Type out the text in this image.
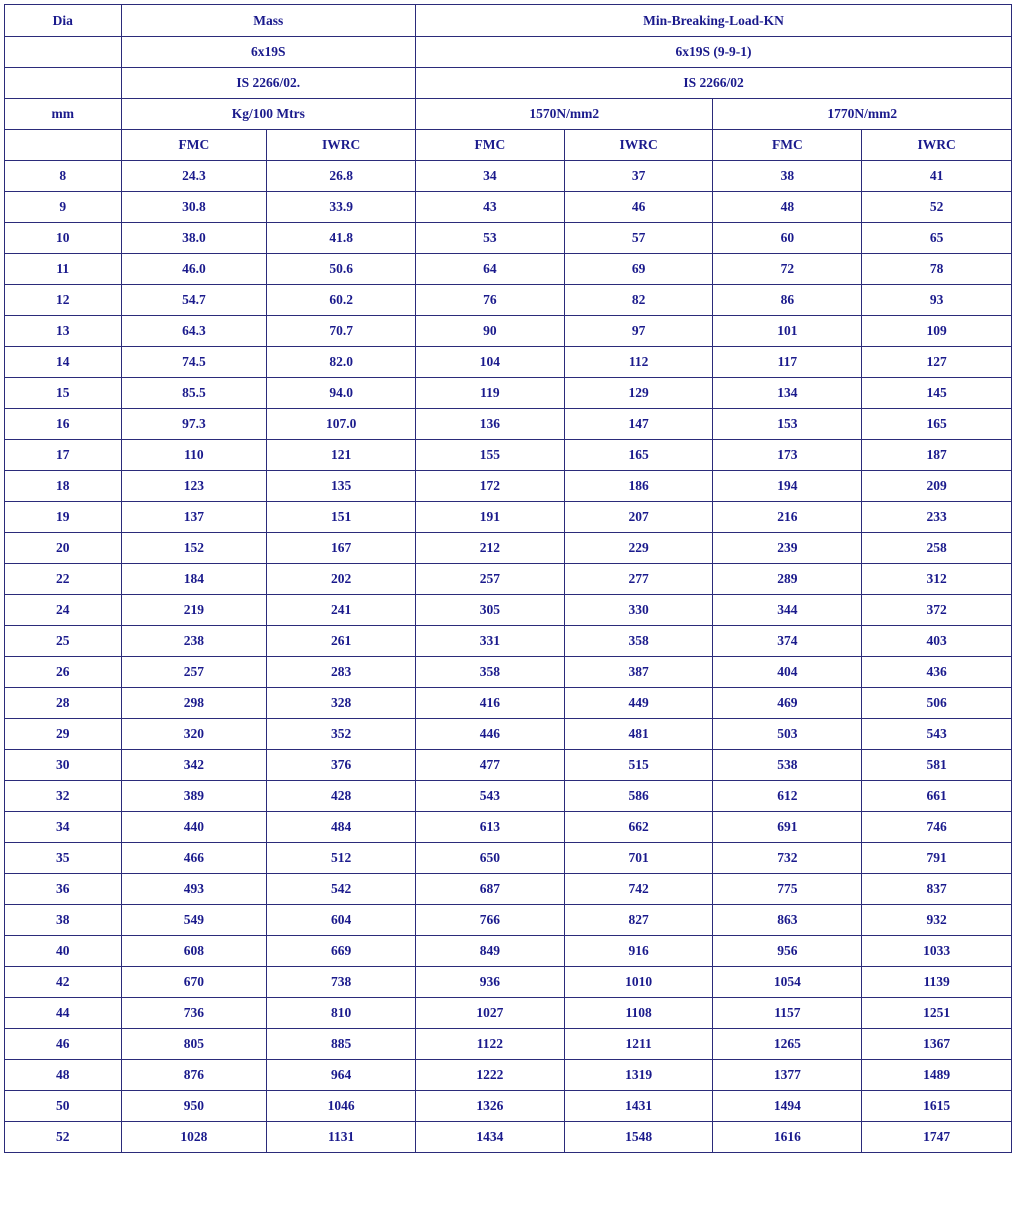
Dia	Mass		Min-Breaking-Load-KN			
	6x19S		6x19S (9-9-1)			
	IS 2266/02.		IS 2266/02			
mm	Kg/100 Mtrs		1570N/mm2		1770N/mm2	
	FMC	IWRC	FMC	IWRC	FMC	IWRC
8	24.3	26.8	34	37	38	41
9	30.8	33.9	43	46	48	52
10	38.0	41.8	53	57	60	65
11	46.0	50.6	64	69	72	78
12	54.7	60.2	76	82	86	93
13	64.3	70.7	90	97	101	109
14	74.5	82.0	104	112	117	127
15	85.5	94.0	119	129	134	145
16	97.3	107.0	136	147	153	165
17	110	121	155	165	173	187
18	123	135	172	186	194	209
19	137	151	191	207	216	233
20	152	167	212	229	239	258
22	184	202	257	277	289	312
24	219	241	305	330	344	372
25	238	261	331	358	374	403
26	257	283	358	387	404	436
28	298	328	416	449	469	506
29	320	352	446	481	503	543
30	342	376	477	515	538	581
32	389	428	543	586	612	661
34	440	484	613	662	691	746
35	466	512	650	701	732	791
36	493	542	687	742	775	837
38	549	604	766	827	863	932
40	608	669	849	916	956	1033
42	670	738	936	1010	1054	1139
44	736	810	1027	1108	1157	1251
46	805	885	1122	1211	1265	1367
48	876	964	1222	1319	1377	1489
50	950	1046	1326	1431	1494	1615
52	1028	1131	1434	1548	1616	1747
